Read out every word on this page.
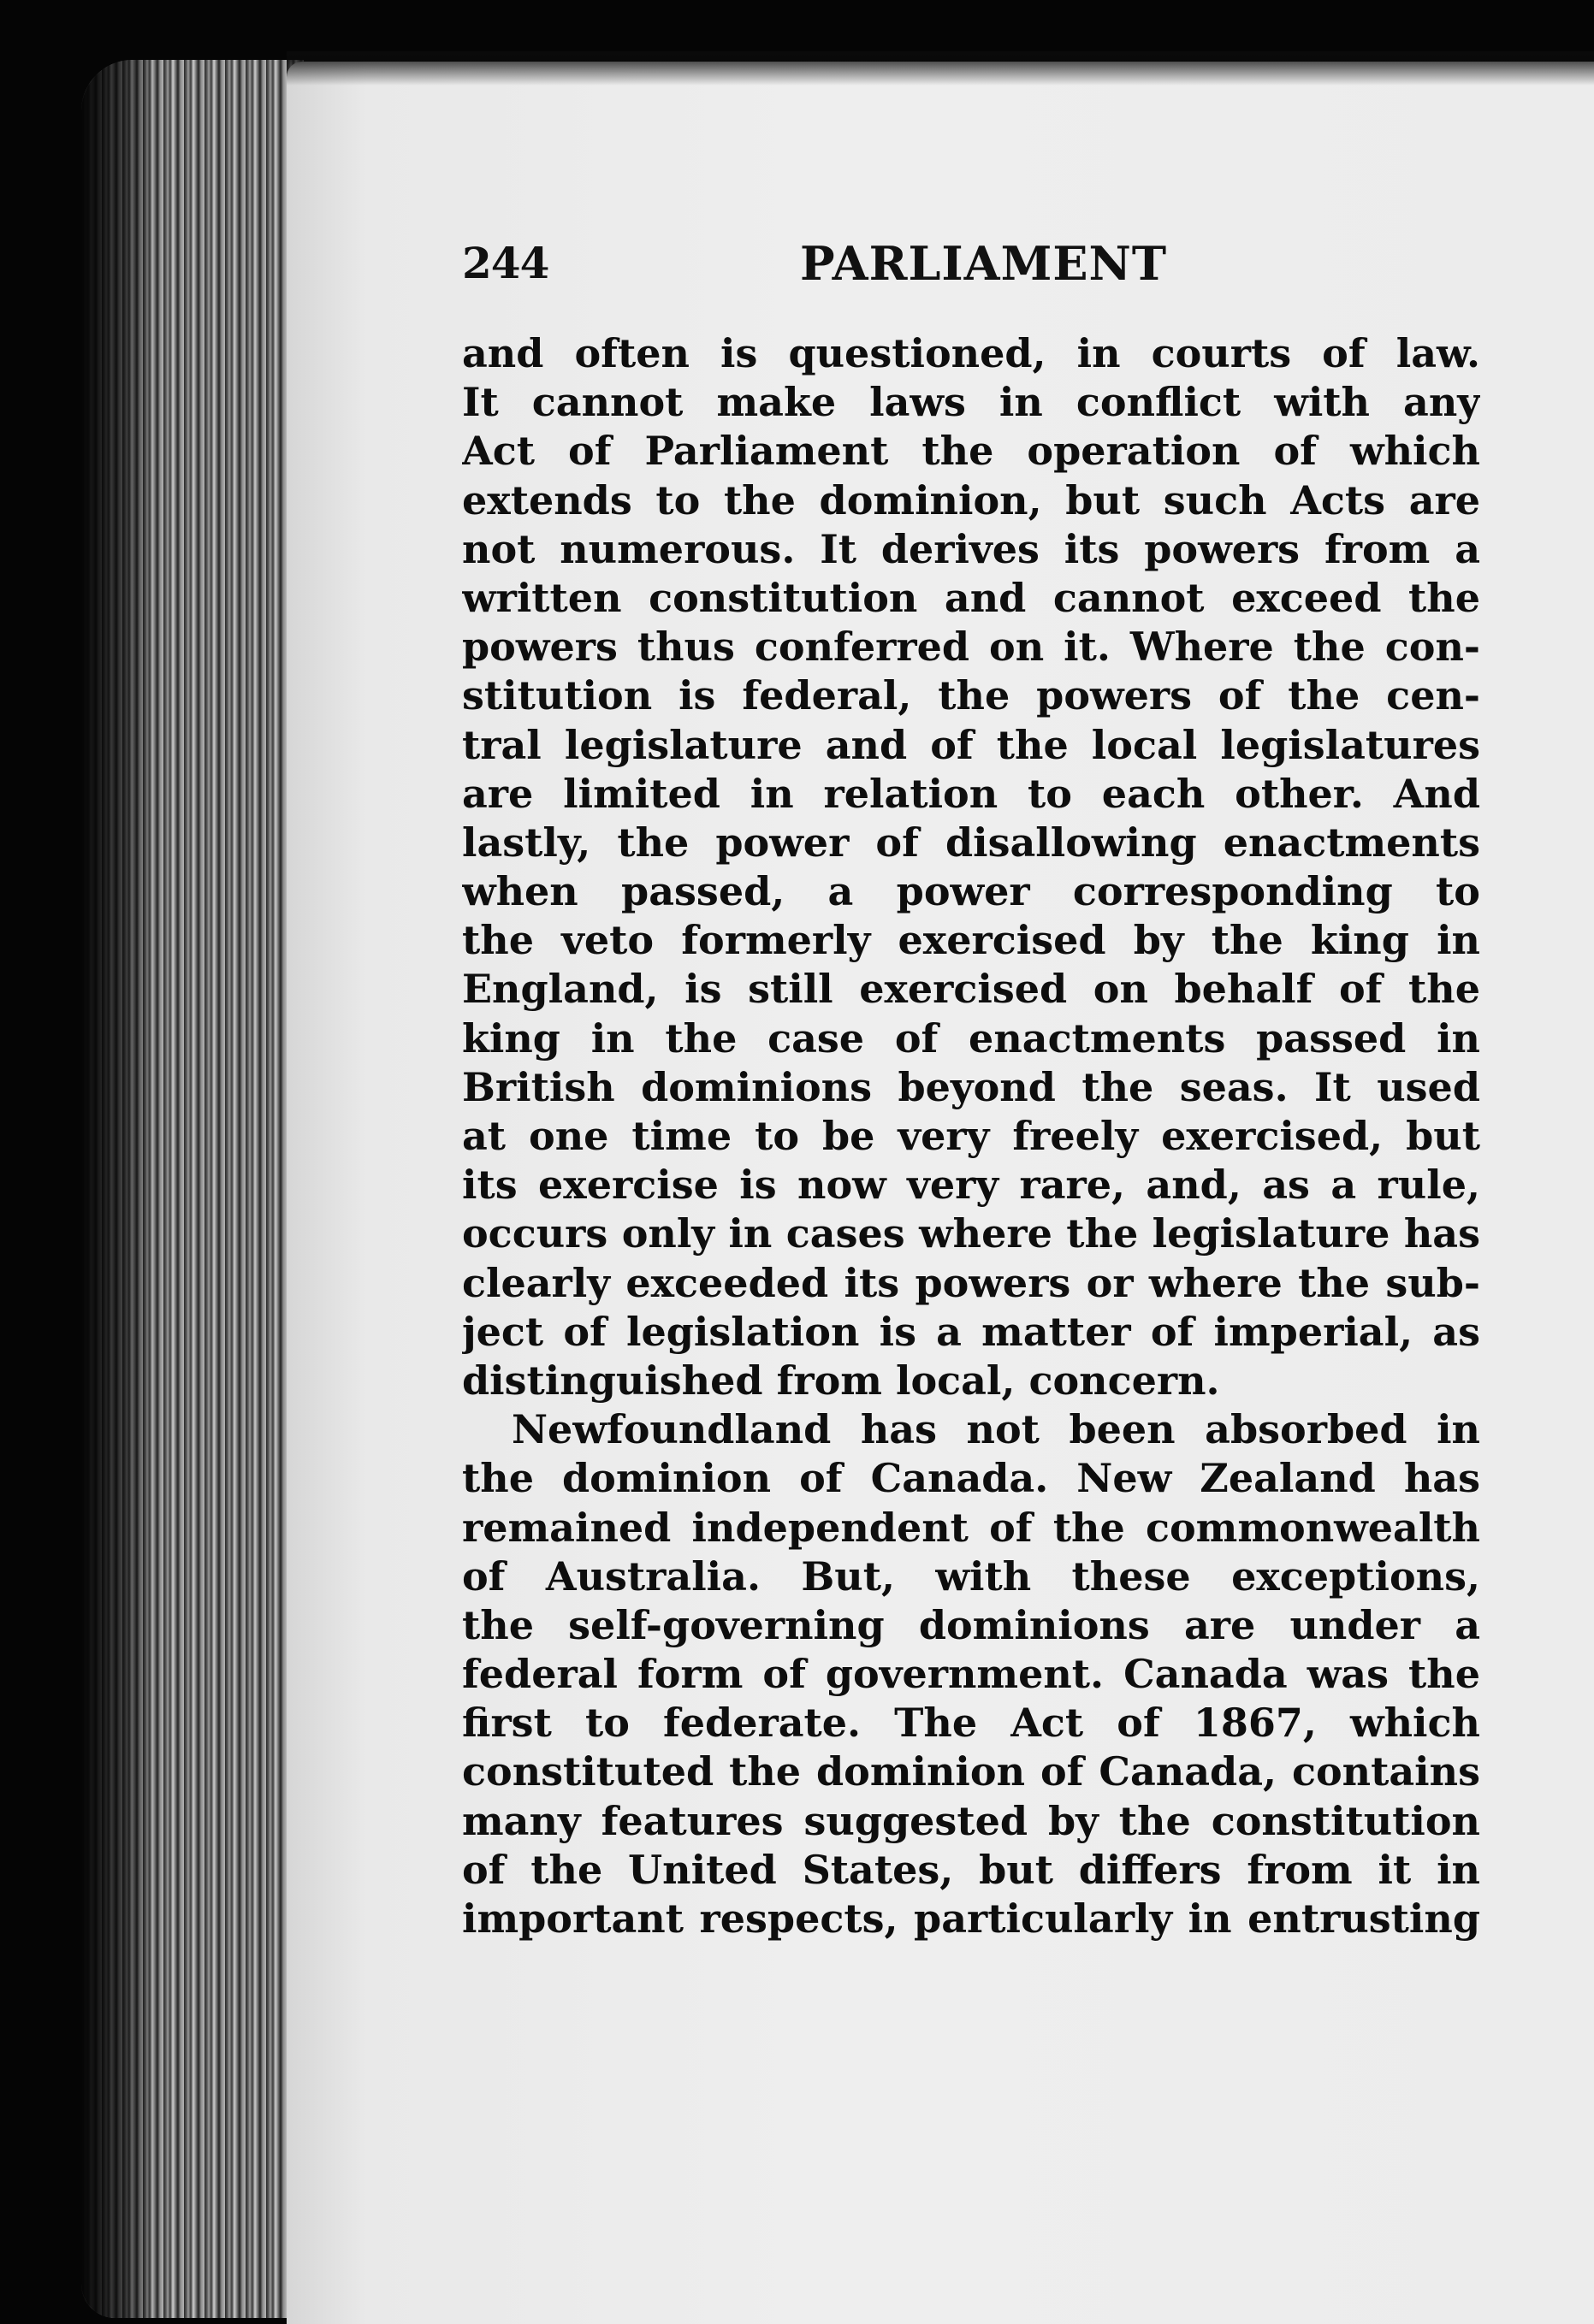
244	PARLIAMENT
and often is questioned, in courts of law.
It cannot make laws in conflict with any
Act of Parliament the operation of which
extends to the dominion, but such Acts are
not numerous. It derives its powers from a
written constitution and cannot exceed the
powers thus conferred on it. Where the con-
stitution is federal, the powers of the cen-
tral legislature and of the local legislatures
are limited in relation to each other. And
lastly, the power of disallowing enactments
when passed, a power corresponding to
the veto formerly exercised by the king in
England, is still exercised on behalf of the
king in the case of enactments passed in
British dominions beyond the seas. It used
at one time to be very freely exercised, but
its exercise is now very rare, and, as a rule,
occurs only in cases where the legislature has
clearly exceeded its powers or where the sub-
ject of legislation is a matter of imperial, as
distinguished from local, concern.
Newfoundland has not been absorbed in
the dominion of Canada. New Zealand has
remained independent of the commonwealth
of Australia. But, with these exceptions,
the self-governing dominions are under a
federal form of government. Canada was the
first to federate. The Act of 1867, which
constituted the dominion of Canada, contains
many features suggested by the constitution
of the United States, but differs from it in
important respects, particularly in entrusting
